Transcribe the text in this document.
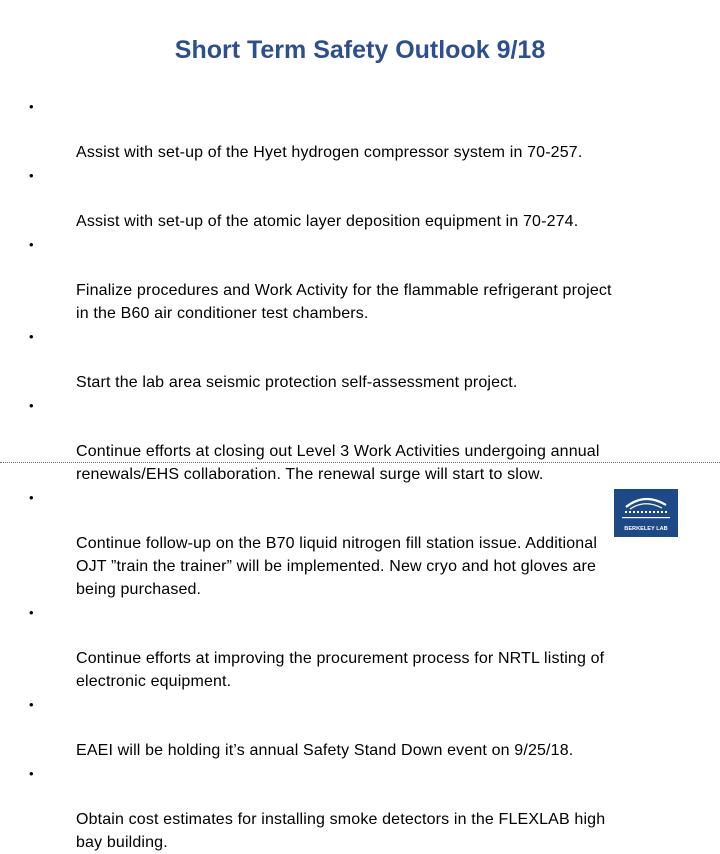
Short Term Safety Outlook 9/18

•

Assist with set-up of the Hyet hydrogen compressor system in 70-257.

•

Assist with set-up of the atomic layer deposition equipment in 70-274.

•

Finalize procedures and Work Activity for the flammable refrigerant project
in the B60 air conditioner test chambers.

•

Start the lab area seismic protection self-assessment project.

•

Continue efforts at closing out Level 3 Work Activities undergoing annual
renewals/EHS collaboration. The renewal surge will start to slow.

•

Continue follow-up on the B70 liquid nitrogen fill station issue. Additional
OJT ”train the trainer” will be implemented. New cryo and hot gloves are
being purchased.

•

Continue efforts at improving the procurement process for NRTL listing of
electronic equipment.

•

EAEI will be holding it’s annual Safety Stand Down event on 9/25/18.

•

Obtain cost estimates for installing smoke detectors in the FLEXLAB high
bay building.

BERKELEY LAB
